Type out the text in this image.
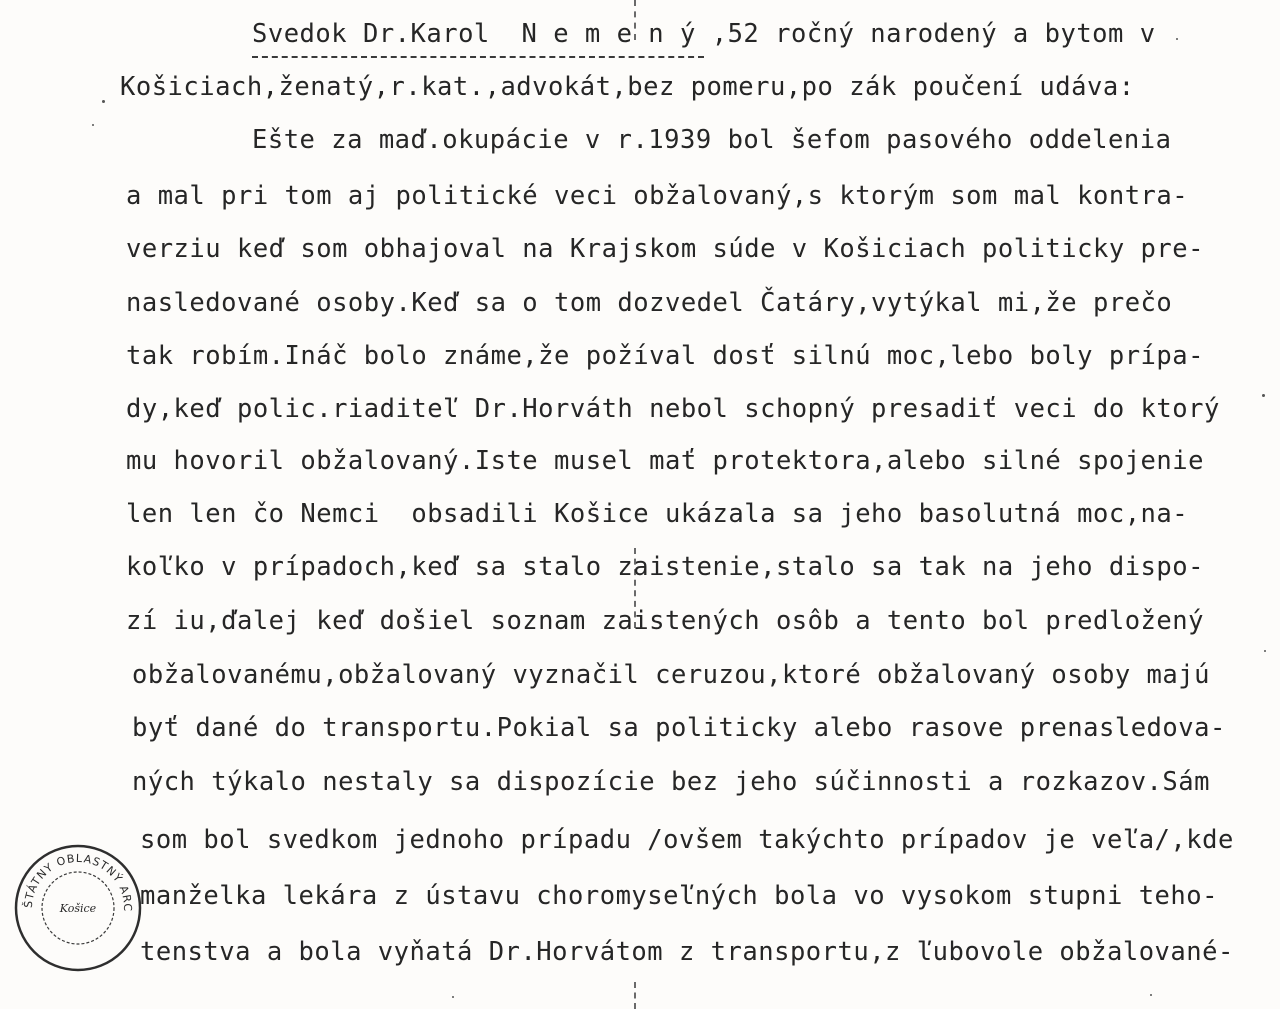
Svedok Dr.Karol  N e m e n ý ,52 ročný narodený a bytom v
Košiciach,ženatý,r.kat.,advokát,bez pomeru,po zák poučení udáva:
Ešte za maď.okupácie v r.1939 bol šefom pasového oddelenia
a mal pri tom aj politické veci obžalovaný,s ktorým som mal kontra-
verziu keď som obhajoval na Krajskom súde v Košiciach politicky pre-
nasledované osoby.Keď sa o tom dozvedel Čatáry,vytýkal mi,že prečo
tak robím.Ináč bolo známe,že požíval dosť silnú moc,lebo boly prípa-
dy,keď polic.riaditeľ Dr.Horváth nebol schopný presadiť veci do ktorý
mu hovoril obžalovaný.Iste musel mať protektora,alebo silné spojenie
len len čo Nemci  obsadili Košice ukázala sa jeho basolutná moc,na-
koľko v prípadoch,keď sa stalo zaistenie,stalo sa tak na jeho dispo-
zí iu,ďalej keď došiel soznam zaistených osôb a tento bol predložený
obžalovanému,obžalovaný vyznačil ceruzou,ktoré obžalovaný osoby majú
byť dané do transportu.Pokial sa politicky alebo rasove prenasledova-
ných týkalo nestaly sa dispozície bez jeho súčinnosti a rozkazov.Sám
som bol svedkom jednoho prípadu /ovšem takýchto prípadov je veľa/,kde
manželka lekára z ústavu choromyseľných bola vo vysokom stupni teho-
tenstva a bola vyňatá Dr.Horvátom z transportu,z ľubovole obžalované-
ŠTÁTNY OBLASTNÝ ARC
Košice
